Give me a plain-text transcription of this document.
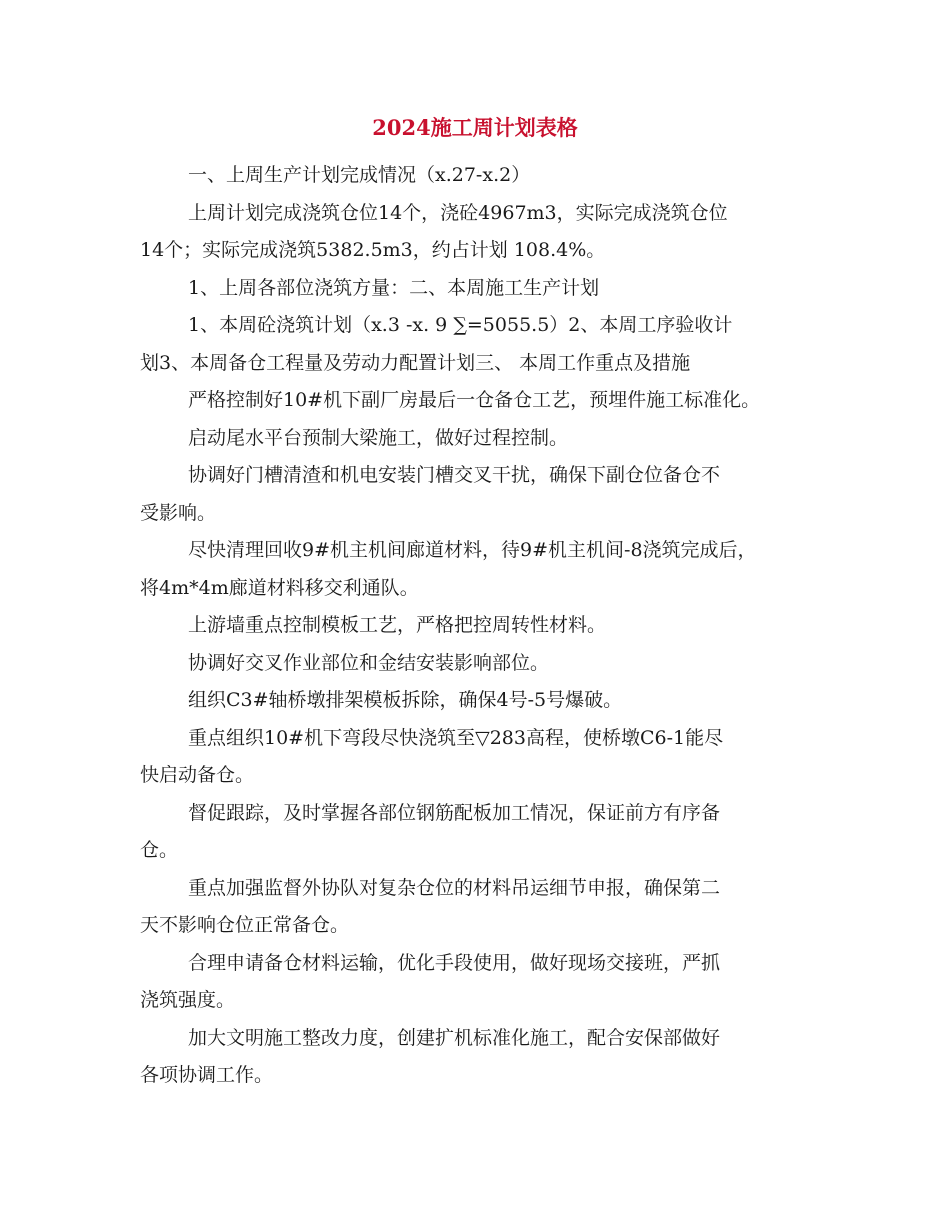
2024施工周计划表格

一、上周生产计划完成情况（x.27-x.2）

上周计划完成浇筑仓位14个，浇砼4967m3，实际完成浇筑仓位
14个；实际完成浇筑5382.5m3，约占计划 108.4%。

1、上周各部位浇筑方量：二、本周施工生产计划

1、本周砼浇筑计划（x.3 -x. 9 ∑=5055.5）2、本周工序验收计
划3、本周备仓工程量及劳动力配置计划三、 本周工作重点及措施

严格控制好10#机下副厂房最后一仓备仓工艺，预埋件施工标准化。

启动尾水平台预制大梁施工，做好过程控制。

协调好门槽清渣和机电安装门槽交叉干扰，确保下副仓位备仓不
受影响。

尽快清理回收9#机主机间廊道材料，待9#机主机间-8浇筑完成后，
将4m*4m廊道材料移交利通队。

上游墙重点控制模板工艺，严格把控周转性材料。

协调好交叉作业部位和金结安装影响部位。

组织C3#轴桥墩排架模板拆除，确保4号-5号爆破。

重点组织10#机下弯段尽快浇筑至▽283高程，使桥墩C6-1能尽
快启动备仓。

督促跟踪，及时掌握各部位钢筋配板加工情况，保证前方有序备
仓。

重点加强监督外协队对复杂仓位的材料吊运细节申报，确保第二
天不影响仓位正常备仓。

合理申请备仓材料运输，优化手段使用，做好现场交接班，严抓
浇筑强度。

加大文明施工整改力度，创建扩机标准化施工，配合安保部做好
各项协调工作。
